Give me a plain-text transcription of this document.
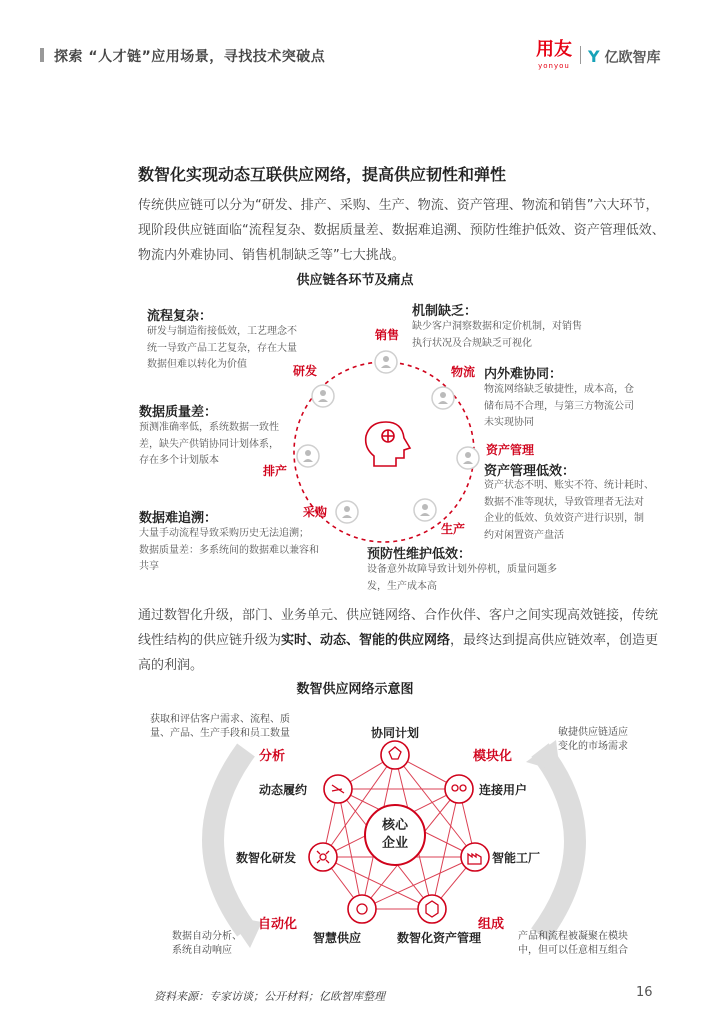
探索 “人才链”应用场景，寻找技术突破点	用友
yonyou Y 亿欧智库
数智化实现动态互联供应网络，提高供应韧性和弹性
传统供应链可以分为“研发、排产、采购、生产、物流、资产管理、物流和销售”六大环节，现阶段供应链面临“流程复杂、数据质量差、数据难追溯、预防性维护低效、资产管理低效、物流内外难协同、销售机制缺乏等”七大挑战。
供应链各环节及痛点
流程复杂：
研发与制造衔接低效，工艺理念不
统一导致产品工艺复杂，存在大量
数据但难以转化为价值
数据质量差：
预测准确率低，系统数据一致性
差，缺失产供销协同计划体系，
存在多个计划版本
数据难追溯：
大量手动流程导致采购历史无法追溯；
数据质量差：多系统间的数据难以兼容和
共享
机制缺乏：
缺少客户洞察数据和定价机制，对销售
执行状况及合规缺乏可视化
内外难协同：
物流网络缺乏敏捷性，成本高，仓
储布局不合理，与第三方物流公司
未实现协同
资产管理低效：
资产状态不明、账实不符、统计耗时、
数据不准等现状，导致管理者无法对
企业的低效、负效资产进行识别，制
约对闲置资产盘活
预防性维护低效：
设备意外故障导致计划外停机，质量问题多
发，生产成本高
销售
研发	物流
资产管理
排产
采购
生产
通过数智化升级，部门、业务单元、供应链网络、合作伙伴、客户之间实现高效链接，传统线性结构的供应链升级为实时、动态、智能的供应网络，最终达到提高供应链效率，创造更高的利润。
数智供应网络示意图
核心
企业
协同计划
连接用户
智能工厂
数智化资产管理
智慧供应
数智化研发
动态履约
分析	模块化
自动化	组成
获取和评估客户需求、流程、质
量、产品、生产手段和员工数量	敏捷供应链适应
变化的市场需求
数据自动分析、
系统自动响应
产品和流程被凝聚在模块
中，但可以任意相互组合
资料来源：专家访谈；公开材料；亿欧智库整理	16
